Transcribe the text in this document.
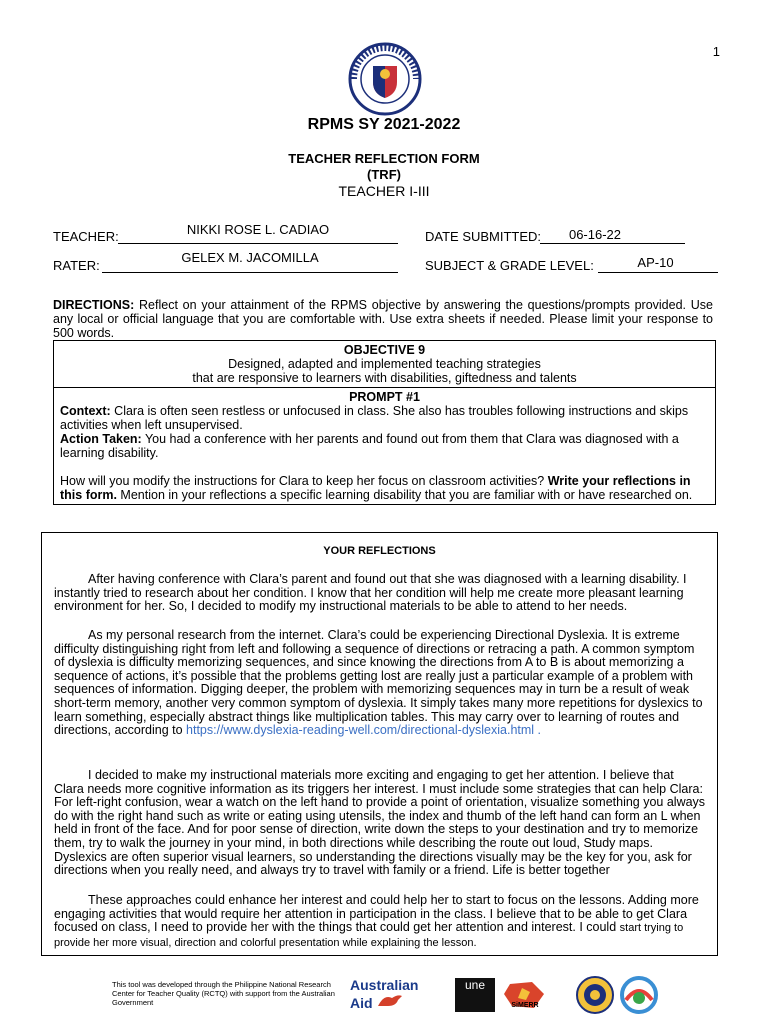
1
RPMS SY 2021-2022
TEACHER REFLECTION FORM
(TRF)
TEACHER I-III
TEACHER:	NIKKI ROSE L. CADIAO	DATE SUBMITTED:	06-16-22
RATER:
GELEX M. JACOMILLA
SUBJECT & GRADE LEVEL:	AP-10
DIRECTIONS: Reflect on your attainment of the RPMS objective by answering the questions/prompts provided. Use any local or official language that you are comfortable with. Use extra sheets if needed. Please limit your response to 500 words.
OBJECTIVE 9
Designed, adapted and implemented teaching strategies
that are responsive to learners with disabilities, giftedness and talents

PROMPT #1
Context: Clara is often seen restless or unfocused in class. She also has troubles following instructions and skips activities when left unsupervised.
Action Taken: You had a conference with her parents and found out from them that Clara was diagnosed with a learning disability.
How will you modify the instructions for Clara to keep her focus on classroom activities? Write your reflections in this form. Mention in your reflections a specific learning disability that you are familiar with or have researched on.
YOUR REFLECTIONS

After having conference with Clara’s parent and found out that she was diagnosed with a learning disability. I instantly tried to research about her condition. I know that her condition will help me create more pleasant learning environment for her. So, I decided to modify my instructional materials to be able to attend to her needs.

As my personal research from the internet. Clara’s could be experiencing Directional Dyslexia. It is extreme difficulty distinguishing right from left and following a sequence of directions or retracing a path. A common symptom of dyslexia is difficulty memorizing sequences, and since knowing the directions from A to B is about memorizing a sequence of actions, it’s possible that the problems getting lost are really just a particular example of a problem with sequences of information. Digging deeper, the problem with memorizing sequences may in turn be a result of weak short-term memory, another very common symptom of dyslexia. It simply takes many more repetitions for dyslexics to learn something, especially abstract things like multiplication tables. This may carry over to learning of routes and directions, according to https://www.dyslexia-reading-well.com/directional-dyslexia.html .

I decided to make my instructional materials more exciting and engaging to get her attention. I believe that Clara needs more cognitive information as its triggers her interest. I must include some strategies that can help Clara: For left-right confusion, wear a watch on the left hand to provide a point of orientation, visualize something you always do with the right hand such as write or eating using utensils, the index and thumb of the left hand can form an L when held in front of the face. And for poor sense of direction, write down the steps to your destination and try to memorize them, try to walk the journey in your mind, in both directions while describing the route out loud, Study maps. Dyslexics are often superior visual learners, so understanding the directions visually may be the key for you, ask for directions when you really need, and always try to travel with family or a friend. Life is better together

These approaches could enhance her interest and could help her to start to focus on the lessons. Adding more engaging activities that would require her attention in participation in the class. I believe that to be able to get Clara focused on class, I need to provide her with the things that could get her attention and interest. I could start trying to provide her more visual, direction and colorful presentation while explaining the lesson.

This tool was developed through the Philippine National Research Center for Teacher Quality (RCTQ) with support from the Australian Government
Australian
Aid
une
SiMERR
